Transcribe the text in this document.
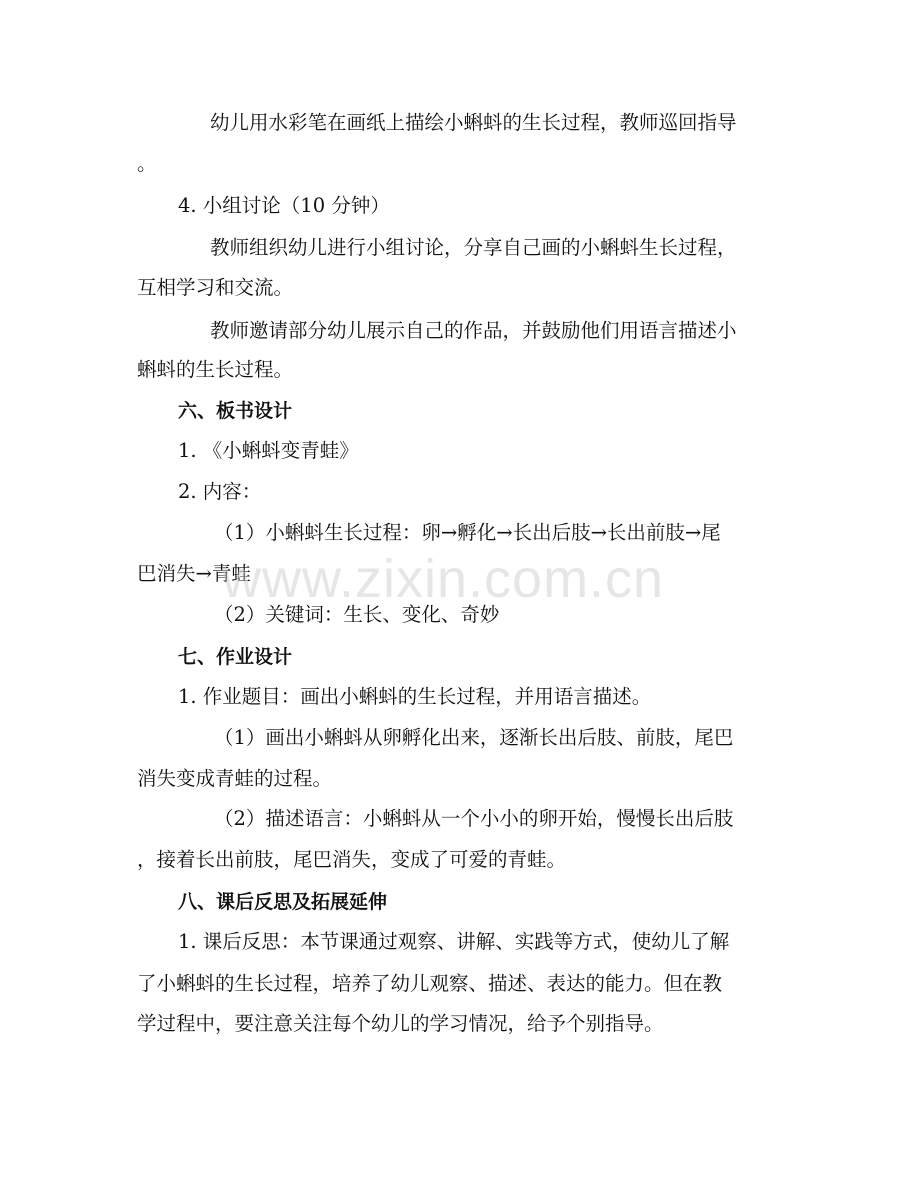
幼儿用水彩笔在画纸上描绘小蝌蚪的生长过程，教师巡回指导
。
4. 小组讨论（10 分钟）
教师组织幼儿进行小组讨论，分享自己画的小蝌蚪生长过程，
互相学习和交流。
教师邀请部分幼儿展示自己的作品，并鼓励他们用语言描述小
蝌蚪的生长过程。
六、板书设计
1. 《小蝌蚪变青蛙》
2. 内容：
（1）小蝌蚪生长过程：卵→孵化→长出后肢→长出前肢→尾
巴消失→青蛙
（2）关键词：生长、变化、奇妙
七、作业设计
1. 作业题目：画出小蝌蚪的生长过程，并用语言描述。
（1）画出小蝌蚪从卵孵化出来，逐渐长出后肢、前肢，尾巴
消失变成青蛙的过程。
（2）描述语言：小蝌蚪从一个小小的卵开始，慢慢长出后肢
，接着长出前肢，尾巴消失，变成了可爱的青蛙。
八、课后反思及拓展延伸
1. 课后反思：本节课通过观察、讲解、实践等方式，使幼儿了解
了小蝌蚪的生长过程，培养了幼儿观察、描述、表达的能力。但在教
学过程中，要注意关注每个幼儿的学习情况，给予个别指导。
www.zixin.com.cn
